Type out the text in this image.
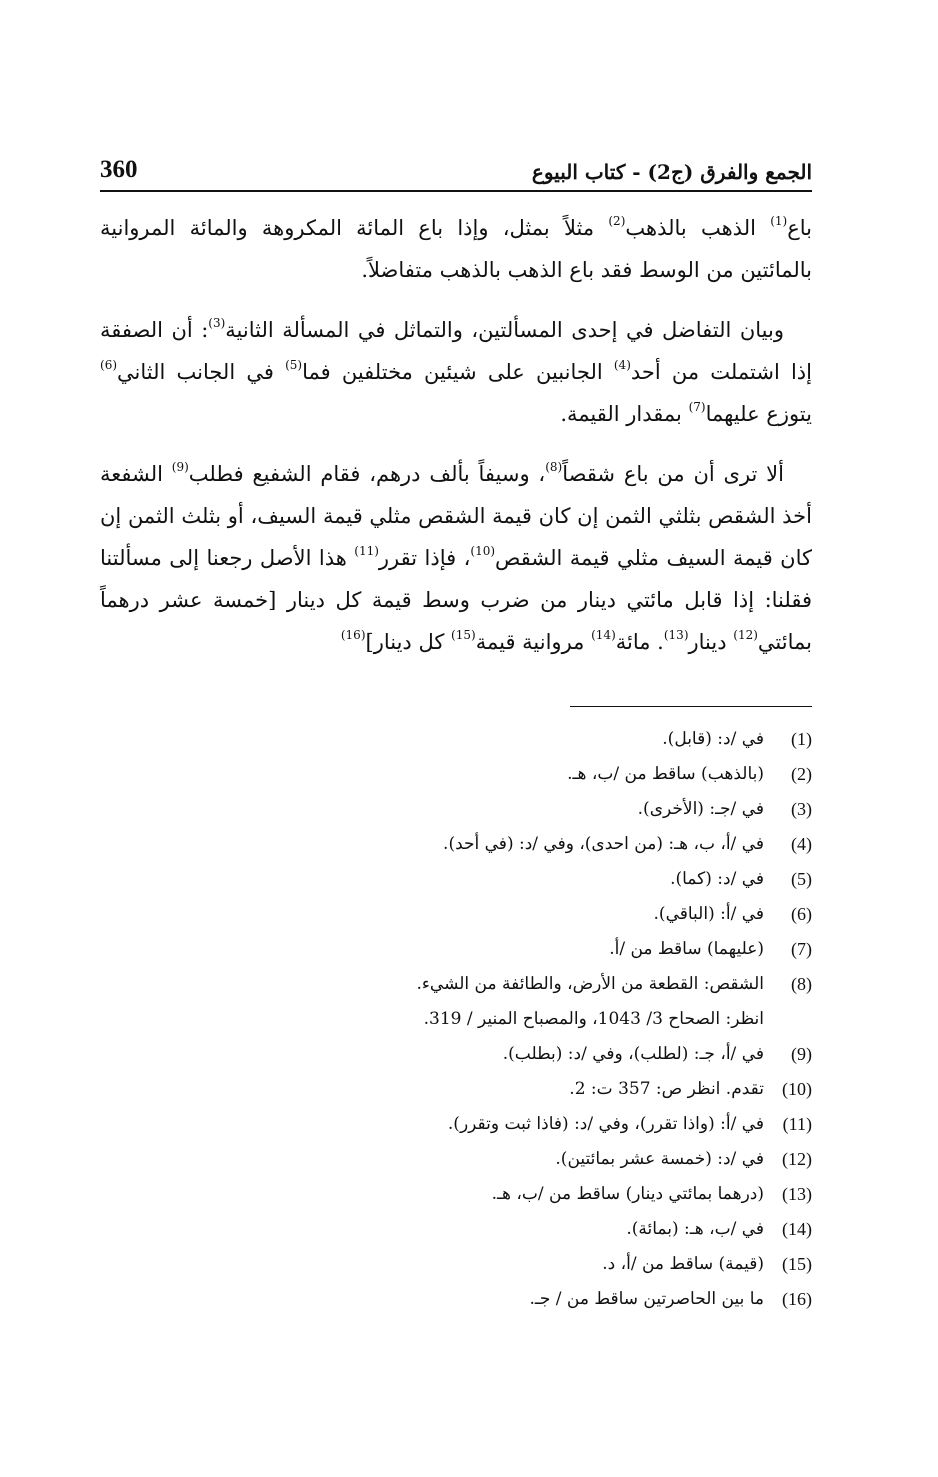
360	الجمع والفرق (ج2) - كتاب البيوع

باع$^{(1)}$ الذهب بالذهب$^{(2)}$ مثلاً بمثل، وإذا باع المائة المكروهة والمائة المروانية بالمائتين من الوسط فقد باع الذهب بالذهب متفاضلاً.

وبيان التفاضل في إحدى المسألتين، والتماثل في المسألة الثانية$^{(3)}$: أن الصفقة إذا اشتملت من أحد$^{(4)}$ الجانبين على شيئين مختلفين فما$^{(5)}$ في الجانب الثاني$^{(6)}$ يتوزع عليهما$^{(7)}$ بمقدار القيمة.

ألا ترى أن من باع شقصاً$^{(8)}$، وسيفاً بألف درهم، فقام الشفيع فطلب$^{(9)}$ الشفعة أخذ الشقص بثلثي الثمن إن كان قيمة الشقص مثلي قيمة السيف، أو بثلث الثمن إن كان قيمة السيف مثلي قيمة الشقص$^{(10)}$، فإذا تقرر$^{(11)}$ هذا الأصل رجعنا إلى مسألتنا فقلنا: إذا قابل مائتي دينار من ضرب وسط قيمة كل دينار [خمسة عشر درهماً بمائتي$^{(12)}$ دينار$^{(13)}$. مائة$^{(14)}$ مروانية قيمة$^{(15)}$ كل دينار]$^{(16)}$

(1)
في /د: (قابل).
(2)
(بالذهب) ساقط من /ب، هـ.
(3)
في /جـ: (الأخرى).
(4)
في /أ، ب، هـ: (من احدى)، وفي /د: (في أحد).
(5)
في /د: (كما).
(6)
في /أ: (الباقي).
(7)
(عليهما) ساقط من /أ.
(8)
الشقص: القطعة من الأرض، والطائفة من الشيء.
انظر: الصحاح 3/ 1043، والمصباح المنير / 319.
(9)
في /أ، جـ: (لطلب)، وفي /د: (بطلب).
(10)
تقدم. انظر ص: 357 ت: 2.
(11)
في /أ: (واذا تقرر)، وفي /د: (فاذا ثبت وتقرر).
(12)
في /د: (خمسة عشر بمائتين).
(13)
(درهما بمائتي دينار) ساقط من /ب، هـ.
(14)
في /ب، هـ: (بمائة).
(15)
(قيمة) ساقط من /أ، د.
(16)
ما بين الحاصرتين ساقط من / جـ.
